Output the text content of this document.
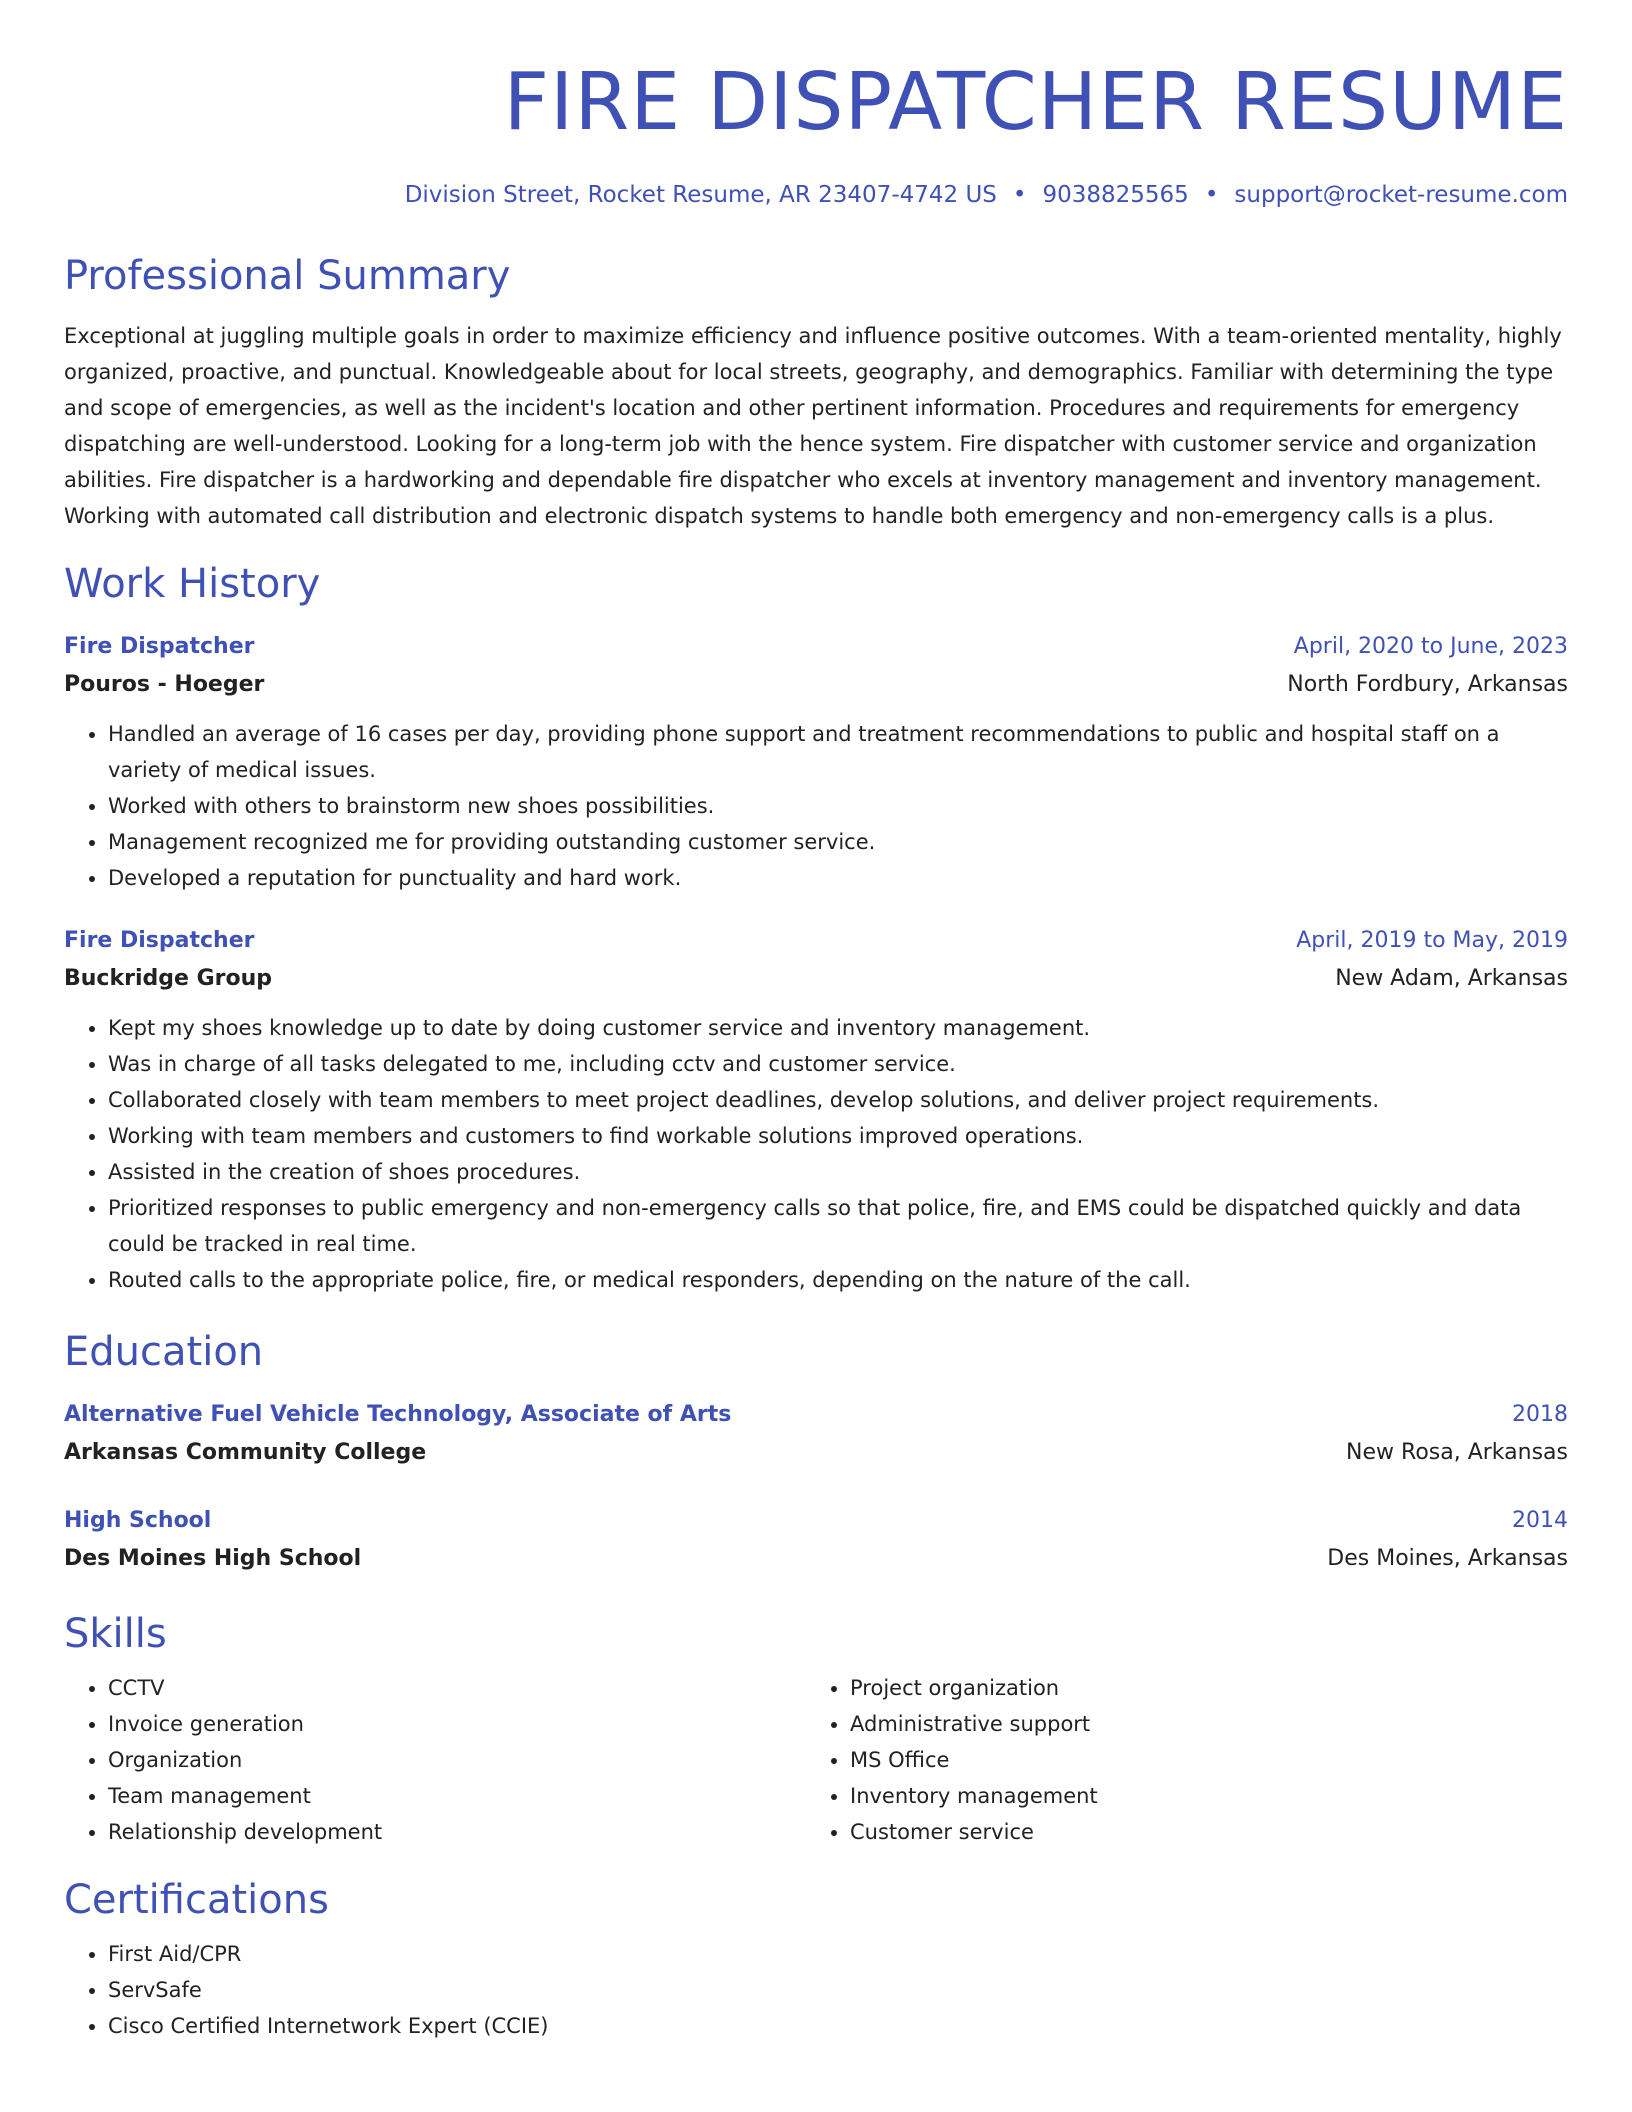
FIRE DISPATCHER RESUME
Division Street, Rocket Resume, AR 23407-4742 US • 9038825565 • support@rocket-resume.com
Professional Summary
Exceptional at juggling multiple goals in order to maximize efficiency and influence positive outcomes. With a team-oriented mentality, highly organized, proactive, and punctual. Knowledgeable about for local streets, geography, and demographics. Familiar with determining the type and scope of emergencies, as well as the incident's location and other pertinent information. Procedures and requirements for emergency dispatching are well-understood. Looking for a long-term job with the hence system. Fire dispatcher with customer service and organization abilities. Fire dispatcher is a hardworking and dependable fire dispatcher who excels at inventory management and inventory management. Working with automated call distribution and electronic dispatch systems to handle both emergency and non-emergency calls is a plus.
Work History
Fire Dispatcher	April, 2020 to June, 2023
Pouros - Hoeger	North Fordbury, Arkansas
• Handled an average of 16 cases per day, providing phone support and treatment recommendations to public and hospital staff on a variety of medical issues.
• Worked with others to brainstorm new shoes possibilities.
• Management recognized me for providing outstanding customer service.
• Developed a reputation for punctuality and hard work.
Fire Dispatcher	April, 2019 to May, 2019
Buckridge Group	New Adam, Arkansas
• Kept my shoes knowledge up to date by doing customer service and inventory management.
• Was in charge of all tasks delegated to me, including cctv and customer service.
• Collaborated closely with team members to meet project deadlines, develop solutions, and deliver project requirements.
• Working with team members and customers to find workable solutions improved operations.
• Assisted in the creation of shoes procedures.
• Prioritized responses to public emergency and non-emergency calls so that police, fire, and EMS could be dispatched quickly and data could be tracked in real time.
• Routed calls to the appropriate police, fire, or medical responders, depending on the nature of the call.
Education
Alternative Fuel Vehicle Technology, Associate of Arts	2018
Arkansas Community College	New Rosa, Arkansas
High School	2014
Des Moines High School	Des Moines, Arkansas
Skills
• CCTV
• Invoice generation
• Organization
• Team management
• Relationship development
• Project organization
• Administrative support
• MS Office
• Inventory management
• Customer service
Certifications
• First Aid/CPR
• ServSafe
• Cisco Certified Internetwork Expert (CCIE)
